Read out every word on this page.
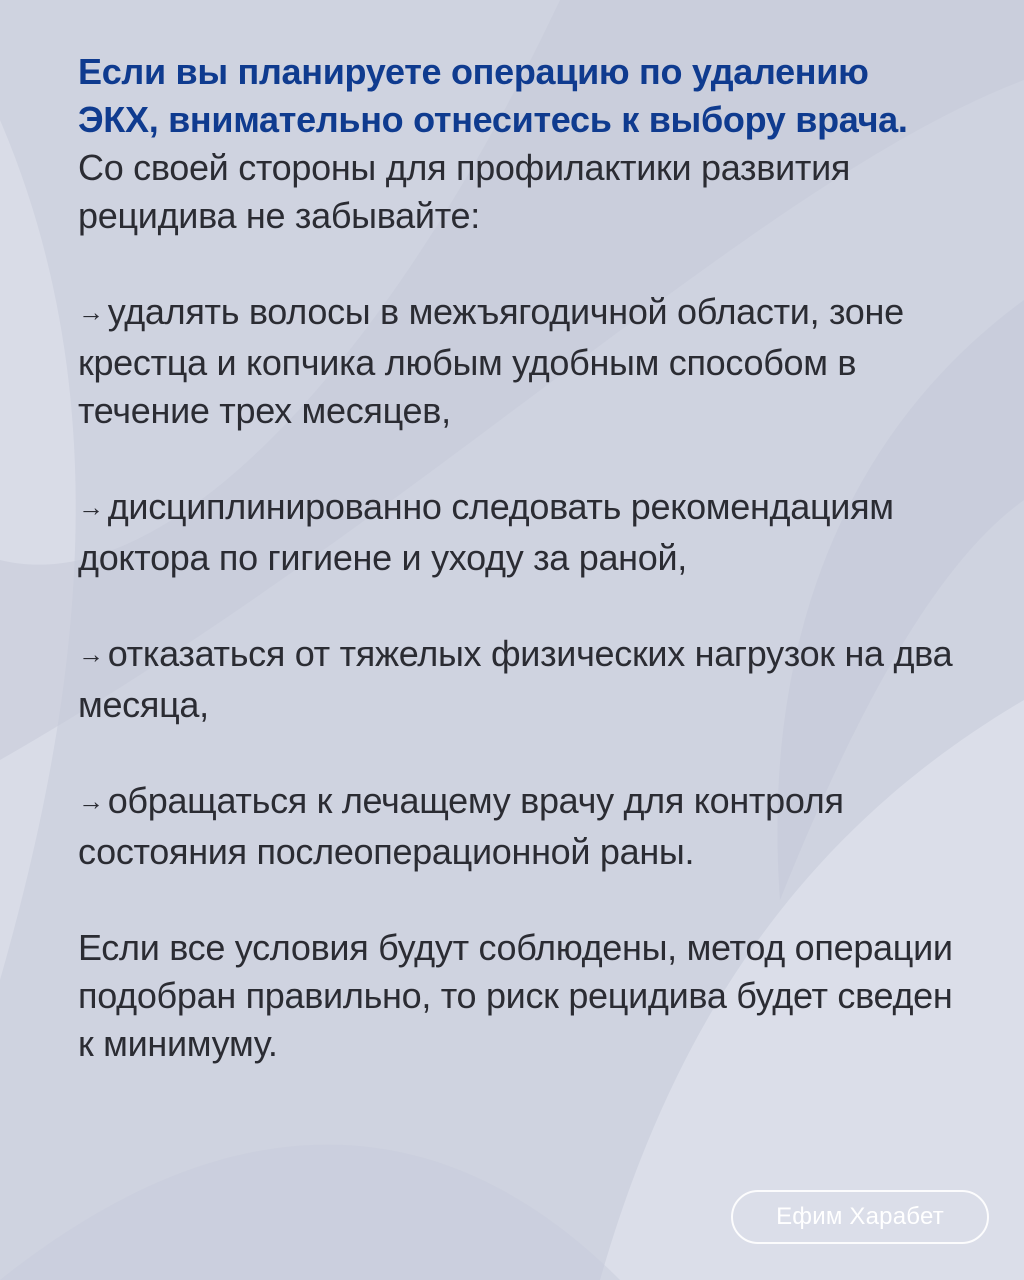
Если вы планируете операцию по удалению ЭКХ, внимательно отнеситесь к выбору врача.  Со своей стороны для профилактики развития рецидива не забывайте:

→ удалять волосы в межъягодичной области, зоне крестца и копчика любым удобным способом в течение трех месяцев,

→ дисциплинированно следовать рекомендациям доктора по гигиене и уходу за раной,

→ отказаться от тяжелых физических нагрузок на два месяца,

→ обращаться к лечащему врачу для контроля состояния послеоперационной раны.

Если все условия будут соблюдены, метод операции подобран правильно, то риск рецидива будет сведен к минимуму.

Ефим Харабет
